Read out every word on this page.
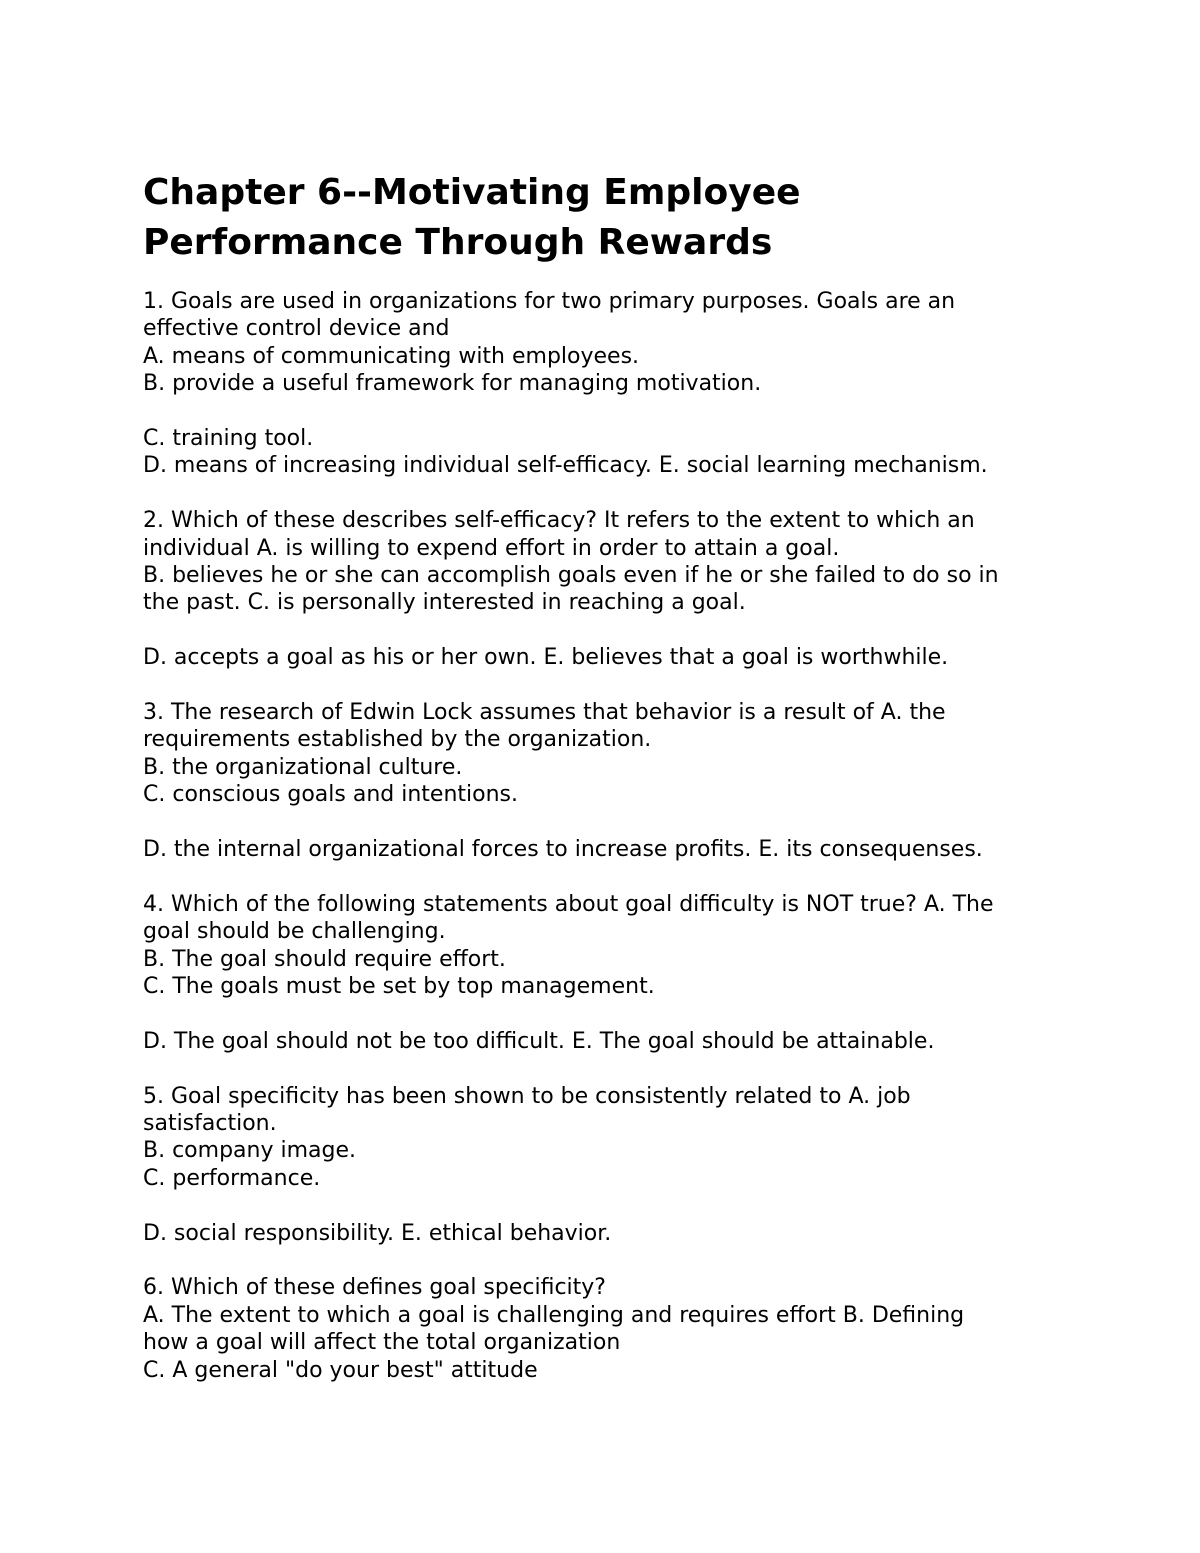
Chapter 6--Motivating Employee
Performance Through Rewards

1. Goals are used in organizations for two primary purposes. Goals are an

effective control device and

A. means of communicating with employees.

B. provide a useful framework for managing motivation.

C. training tool.

D. means of increasing individual self-efficacy. E. social learning mechanism.

2. Which of these describes self-efficacy? It refers to the extent to which an

individual A. is willing to expend effort in order to attain a goal.

B. believes he or she can accomplish goals even if he or she failed to do so in

the past. C. is personally interested in reaching a goal.

D. accepts a goal as his or her own. E. believes that a goal is worthwhile.

3. The research of Edwin Lock assumes that behavior is a result of A. the

requirements established by the organization.

B. the organizational culture.

C. conscious goals and intentions.

D. the internal organizational forces to increase profits. E. its consequenses.

4. Which of the following statements about goal difficulty is NOT true? A. The

goal should be challenging.

B. The goal should require effort.

C. The goals must be set by top management.

D. The goal should not be too difficult. E. The goal should be attainable.

5. Goal specificity has been shown to be consistently related to A. job

satisfaction.

B. company image.

C. performance.

D. social responsibility. E. ethical behavior.

6. Which of these defines goal specificity?

A. The extent to which a goal is challenging and requires effort B. Defining

how a goal will affect the total organization

C. A general "do your best" attitude
